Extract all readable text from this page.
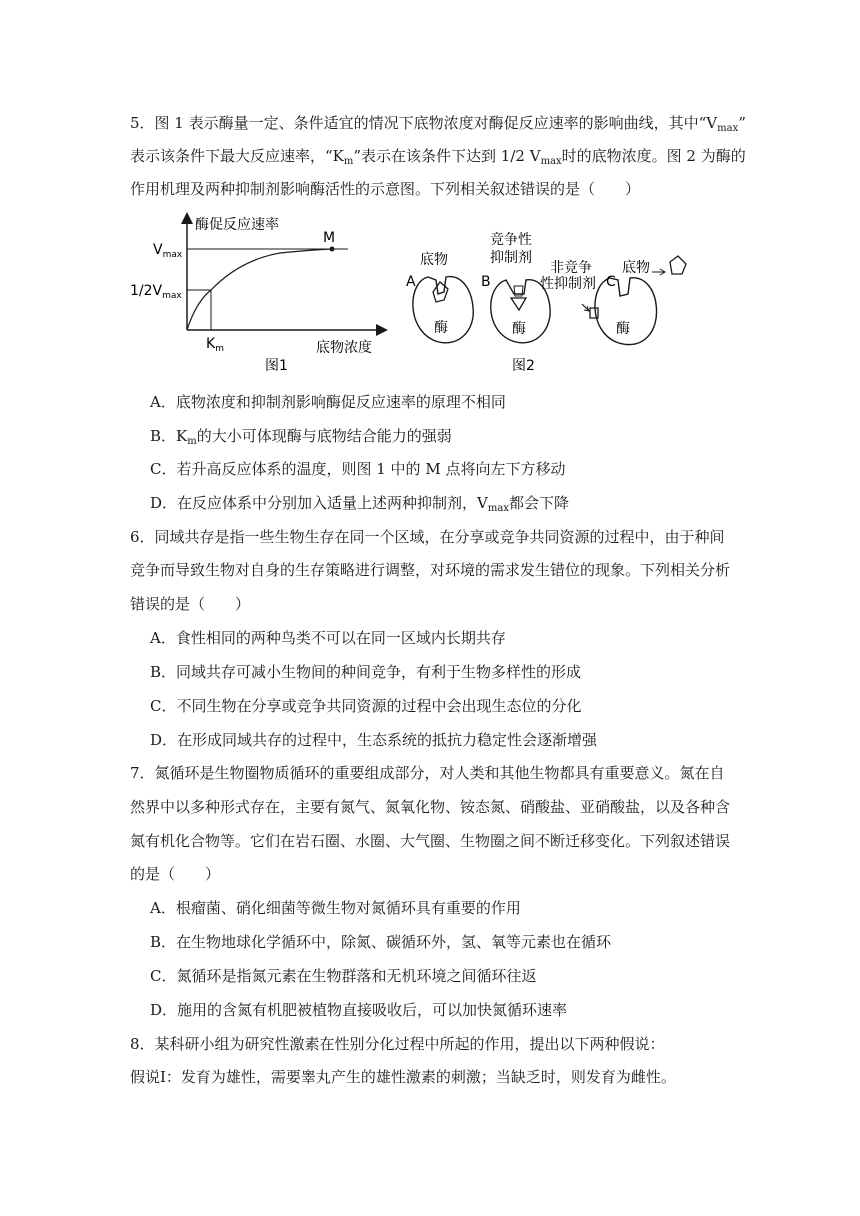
5．图 1 表示酶量一定、条件适宜的情况下底物浓度对酶促反应速率的影响曲线，其中“$V_{max}$”
表示该条件下最大反应速率，“$K_m$”表示在该条件下达到 1/2 $V_{max}$时的底物浓度。图 2 为酶的
作用机理及两种抑制剂影响酶活性的示意图。下列相关叙述错误的是（　　）
酶促反应速率
$V_{max}$
$1/2V_{max}$
M
$K_m$	底物浓度
图1
A
底物
酶
B
竞争性
抑制剂
酶
非竞争
性抑制剂 C
底物
酶
图2
A．底物浓度和抑制剂影响酶促反应速率的原理不相同
B．$K_m$的大小可体现酶与底物结合能力的强弱
C．若升高反应体系的温度，则图 1 中的 M 点将向左下方移动
D．在反应体系中分别加入适量上述两种抑制剂，$V_{max}$都会下降
6．同域共存是指一些生物生存在同一个区域，在分享或竞争共同资源的过程中，由于种间
竞争而导致生物对自身的生存策略进行调整，对环境的需求发生错位的现象。下列相关分析
错误的是（　　）
A．食性相同的两种鸟类不可以在同一区域内长期共存
B．同域共存可减小生物间的种间竞争，有利于生物多样性的形成
C．不同生物在分享或竞争共同资源的过程中会出现生态位的分化
D．在形成同域共存的过程中，生态系统的抵抗力稳定性会逐渐增强
7．氮循环是生物圈物质循环的重要组成部分，对人类和其他生物都具有重要意义。氮在自
然界中以多种形式存在，主要有氮气、氮氧化物、铵态氮、硝酸盐、亚硝酸盐，以及各种含
氮有机化合物等。它们在岩石圈、水圈、大气圈、生物圈之间不断迁移变化。下列叙述错误
的是（　　）
A．根瘤菌、硝化细菌等微生物对氮循环具有重要的作用
B．在生物地球化学循环中，除氮、碳循环外，氢、氧等元素也在循环
C．氮循环是指氮元素在生物群落和无机环境之间循环往返
D．施用的含氮有机肥被植物直接吸收后，可以加快氮循环速率
8．某科研小组为研究性激素在性别分化过程中所起的作用，提出以下两种假说：
假说Ⅰ：发育为雄性，需要睾丸产生的雄性激素的刺激；当缺乏时，则发育为雌性。
